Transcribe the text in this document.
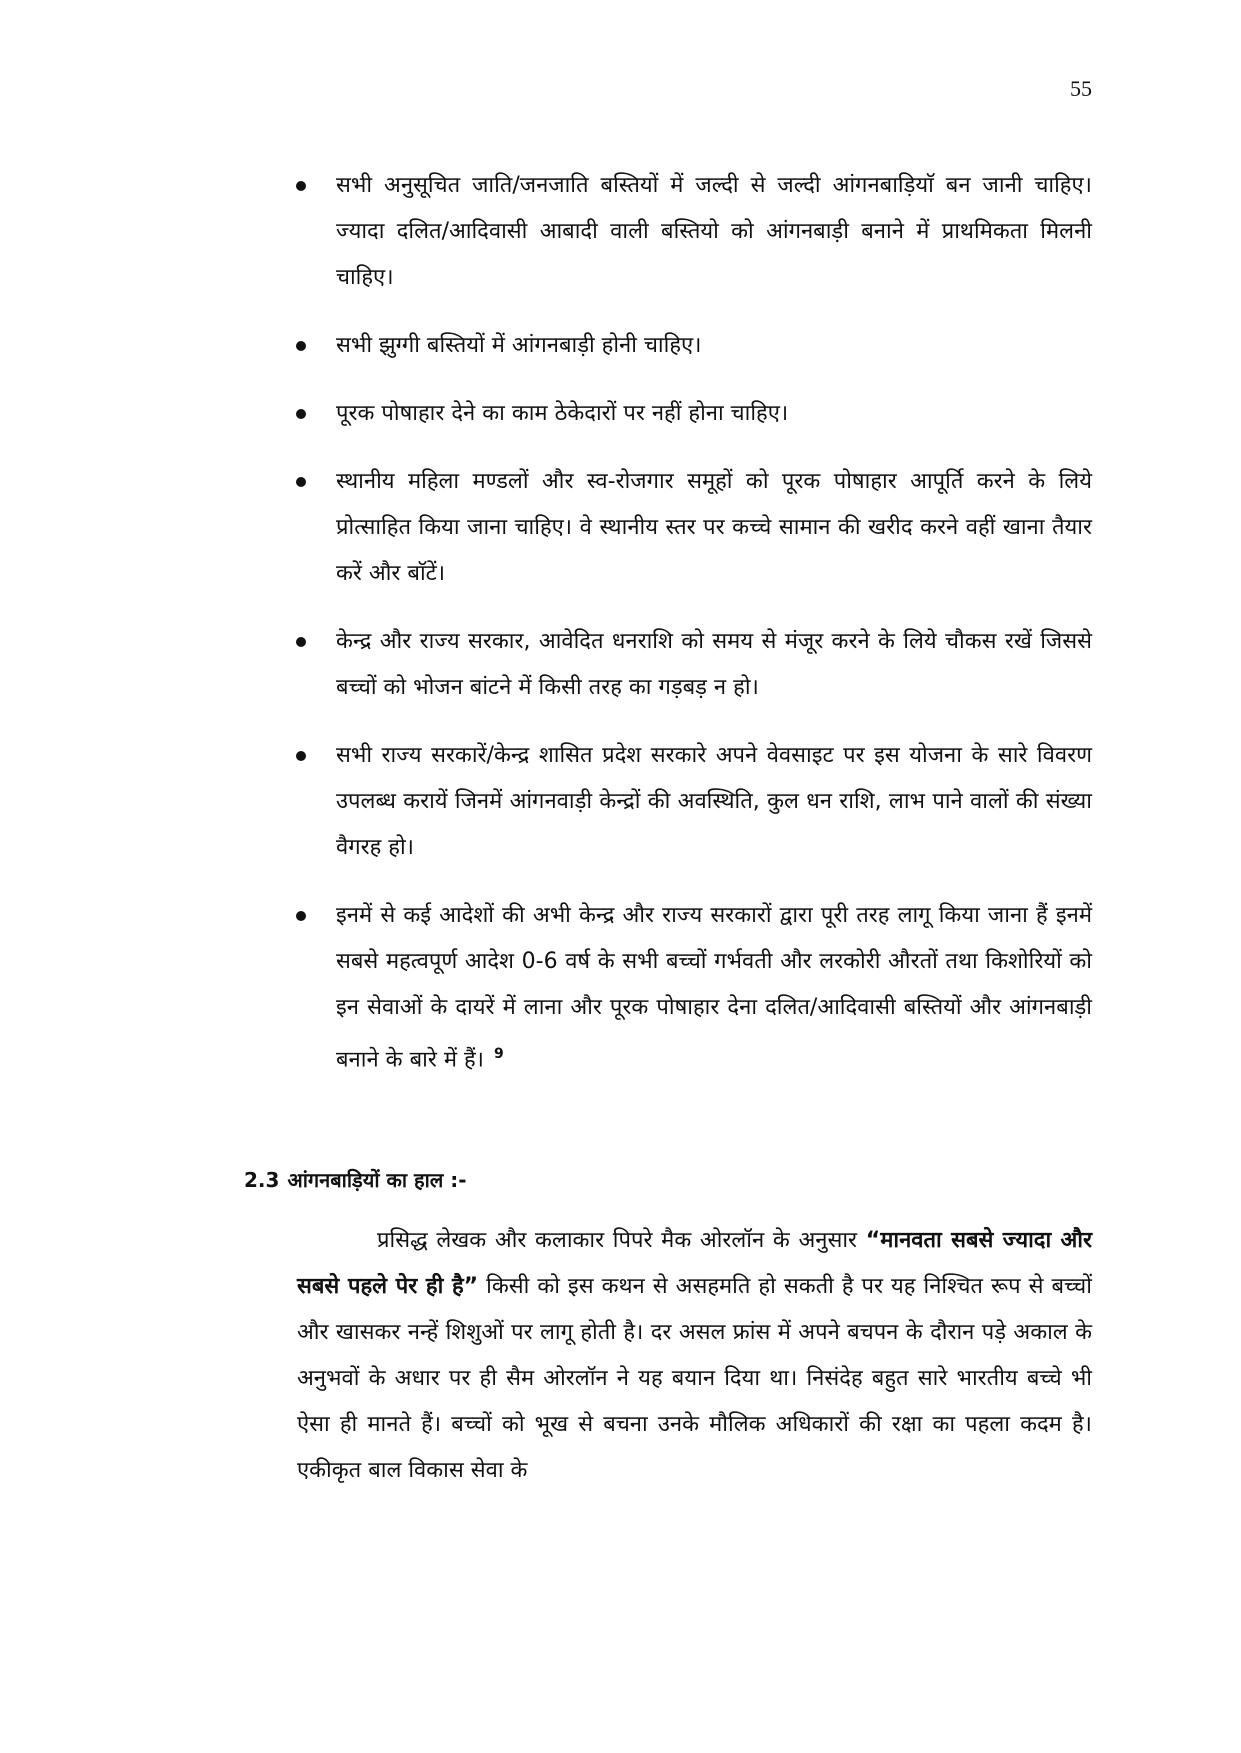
55
सभी अनुसूचित जाति/जनजाति बस्तियों में जल्दी से जल्दी आंगनबाड़ियाॅ बन जानी चाहिए। ज्यादा दलित/आदिवासी आबादी वाली बस्तियो को आंगनबाड़ी बनाने में प्राथमिकता मिलनी चाहिए।
सभी झुग्गी बस्तियों में आंगनबाड़ी होनी चाहिए।
पूरक पोषाहार देने का काम ठेकेदारों पर नहीं होना चाहिए।
स्थानीय महिला मण्डलों और स्व-रोजगार समूहों को पूरक पोषाहार आपूर्ति करने के लिये प्रोत्साहित किया जाना चाहिए। वे स्थानीय स्तर पर कच्चे सामान की खरीद करने वहीं खाना तैयार करें और बाॅटें।
केन्द्र और राज्य सरकार, आवेदित धनराशि को समय से मंजूर करने के लिये चौकस रखें जिससे बच्चों को भोजन बांटने में किसी तरह का गड़बड़ न हो।
सभी राज्य सरकारें/केन्द्र शासित प्रदेश सरकारे अपने वेवसाइट पर इस योजना के सारे विवरण उपलब्ध करायें जिनमें आंगनवाड़ी केन्द्रों की अवस्थिति, कुल धन राशि, लाभ पाने वालों की संख्या वैगरह हो।
इनमें से कई आदेशों की अभी केन्द्र और राज्य सरकारों द्वारा पूरी तरह लागू किया जाना हैं इनमें सबसे महत्वपूर्ण आदेश 0-6 वर्ष के सभी बच्चों गर्भवती और लरकोरी औरतों तथा किशोरियों को इन सेवाओं के दायरें में लाना और पूरक पोषाहार देना दलित/आदिवासी बस्तियों और आंगनबाड़ी बनाने के बारे में हैं। $^9$
2.3 आंगनबाड़ियों का हाल :-

प्रसिद्ध लेखक और कलाकार पिपरे मैक ओरलॉन के अनुसार “मानवता सबसे ज्यादा और सबसे पहले पेर ही है” किसी को इस कथन से असहमति हो सकती है पर यह निश्चित रूप से बच्चों और खासकर नन्हें शिशुओं पर लागू होती है। दर असल फ्रांस में अपने बचपन के दौरान पड़े अकाल के अनुभवों के अधार पर ही सैम ओरलॉन ने यह बयान दिया था। निसंदेह बहुत सारे भारतीय बच्चे भी ऐसा ही मानते हैं। बच्चों को भूख से बचना उनके मौलिक अधिकारों की रक्षा का पहला कदम है। एकीकृत बाल विकास सेवा के
